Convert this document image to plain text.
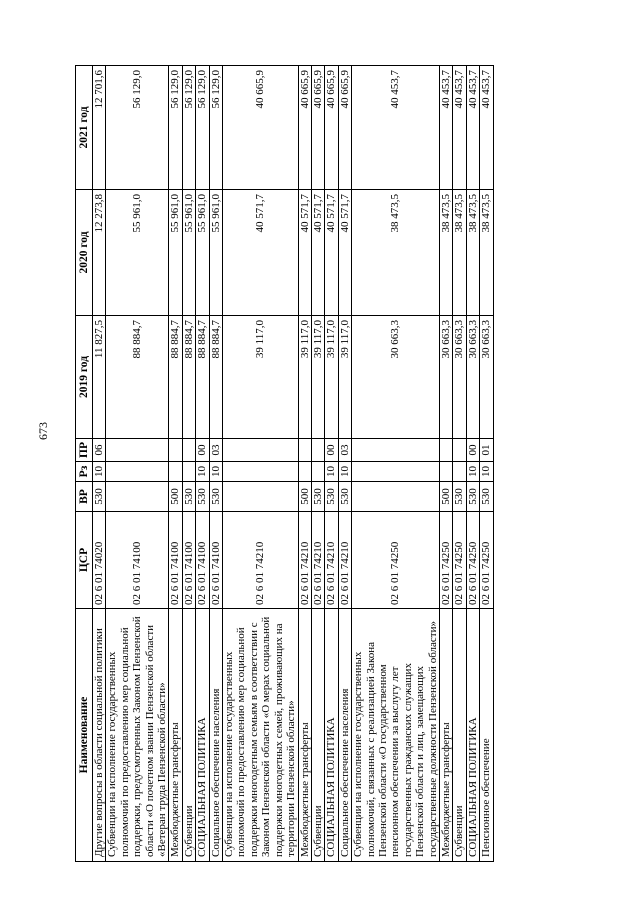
673
Наименование	ЦСР	ВР	Рз	ПР	2019 год	2020 год	2021 год
Другие вопросы в области социальной политики	02 6 01 74020	530	10	06	11 827,5	12 273,8	12 701,6
Субвенции на исполнение государственных полномочий по предоставлению мер социальной поддержки, предусмотренных Законом Пензенской области «О почетном звании Пензенской области «Ветеран труда Пензенской области»	02 6 01 74100				88 884,7	55 961,0	56 129,0
Межбюджетные трансферты	02 6 01 74100	500			88 884,7	55 961,0	56 129,0
Субвенции	02 6 01 74100	530			88 884,7	55 961,0	56 129,0
СОЦИАЛЬНАЯ ПОЛИТИКА	02 6 01 74100	530	10	00	88 884,7	55 961,0	56 129,0
Социальное обеспечение населения	02 6 01 74100	530	10	03	88 884,7	55 961,0	56 129,0
Субвенции на исполнение государственных полномочий по предоставлению мер социальной поддержки многодетным семьям в соответствии с Законом Пензенской области «О мерах социальной поддержки многодетных семей, проживающих на территории Пензенской области»	02 6 01 74210				39 117,0	40 571,7	40 665,9
Межбюджетные трансферты	02 6 01 74210	500			39 117,0	40 571,7	40 665,9
Субвенции	02 6 01 74210	530			39 117,0	40 571,7	40 665,9
СОЦИАЛЬНАЯ ПОЛИТИКА	02 6 01 74210	530	10	00	39 117,0	40 571,7	40 665,9
Социальное обеспечение населения	02 6 01 74210	530	10	03	39 117,0	40 571,7	40 665,9
Субвенции на исполнение государственных полномочий, связанных с реализацией Закона Пензенской области «О государственном пенсионном обеспечении за выслугу лет государственных гражданских служащих Пензенской области и лиц, замещающих государственные должности Пензенской области»	02 6 01 74250				30 663,3	38 473,5	40 453,7
Межбюджетные трансферты	02 6 01 74250	500			30 663,3	38 473,5	40 453,7
Субвенции	02 6 01 74250	530			30 663,3	38 473,5	40 453,7
СОЦИАЛЬНАЯ ПОЛИТИКА	02 6 01 74250	530	10	00	30 663,3	38 473,5	40 453,7
Пенсионное обеспечение	02 6 01 74250	530	10	01	30 663,3	38 473,5	40 453,7
